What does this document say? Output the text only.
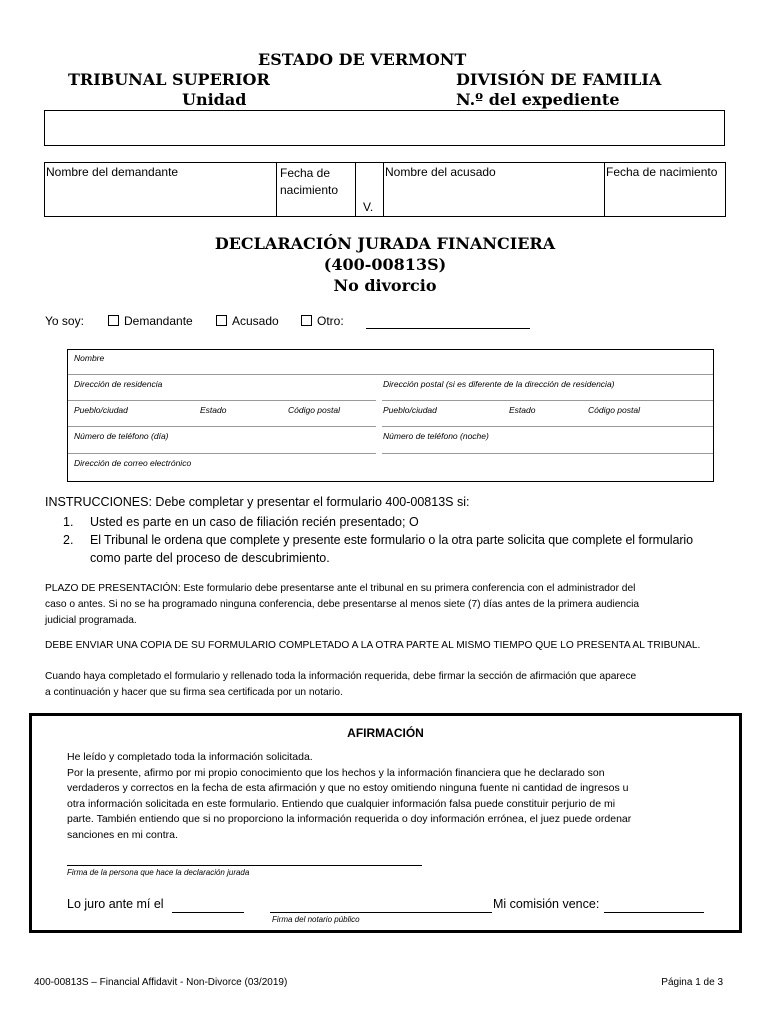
ESTADO DE VERMONT
TRIBUNAL SUPERIOR
Unidad
DIVISIÓN DE FAMILIA
N.º del expediente
Nombre del demandante	Fecha de nacimiento
V.
Nombre del acusado	Fecha de nacimiento
DECLARACIÓN JURADA FINANCIERA
(400-00813S)
No divorcio
Yo soy:	Demandante	Acusado	Otro:
Nombre
Dirección de residencia	Dirección postal (si es diferente de la dirección de residencia)
Pueblo/ciudad	Estado	Código postal	Pueblo/ciudad	Estado	Código postal
Número de teléfono (día)	Número de teléfono (noche)
Dirección de correo electrónico
INSTRUCCIONES: Debe completar y presentar el formulario 400-00813S si:
1. Usted es parte en un caso de filiación recién presentado; O
2. El Tribunal le ordena que complete y presente este formulario o la otra parte solicita que complete el formulario
como parte del proceso de descubrimiento.
PLAZO DE PRESENTACIÓN: Este formulario debe presentarse ante el tribunal en su primera conferencia con el administrador del
caso o antes. Si no se ha programado ninguna conferencia, debe presentarse al menos siete (7) días antes de la primera audiencia
judicial programada.
DEBE ENVIAR UNA COPIA DE SU FORMULARIO COMPLETADO A LA OTRA PARTE AL MISMO TIEMPO QUE LO PRESENTA AL TRIBUNAL.
Cuando haya completado el formulario y rellenado toda la información requerida, debe firmar la sección de afirmación que aparece
a continuación y hacer que su firma sea certificada por un notario.
AFIRMACIÓN
He leído y completado toda la información solicitada.
Por la presente, afirmo por mi propio conocimiento que los hechos y la información financiera que he declarado son
verdaderos y correctos en la fecha de esta afirmación y que no estoy omitiendo ninguna fuente ni cantidad de ingresos u
otra información solicitada en este formulario. Entiendo que cualquier información falsa puede constituir perjurio de mi
parte. También entiendo que si no proporciono la información requerida o doy información errónea, el juez puede ordenar
sanciones en mi contra.
Firma de la persona que hace la declaración jurada
Lo juro ante mí el
Firma del notario público
Mi comisión vence:
400-00813S – Financial Affidavit - Non-Divorce (03/2019)	Página 1 de 3
